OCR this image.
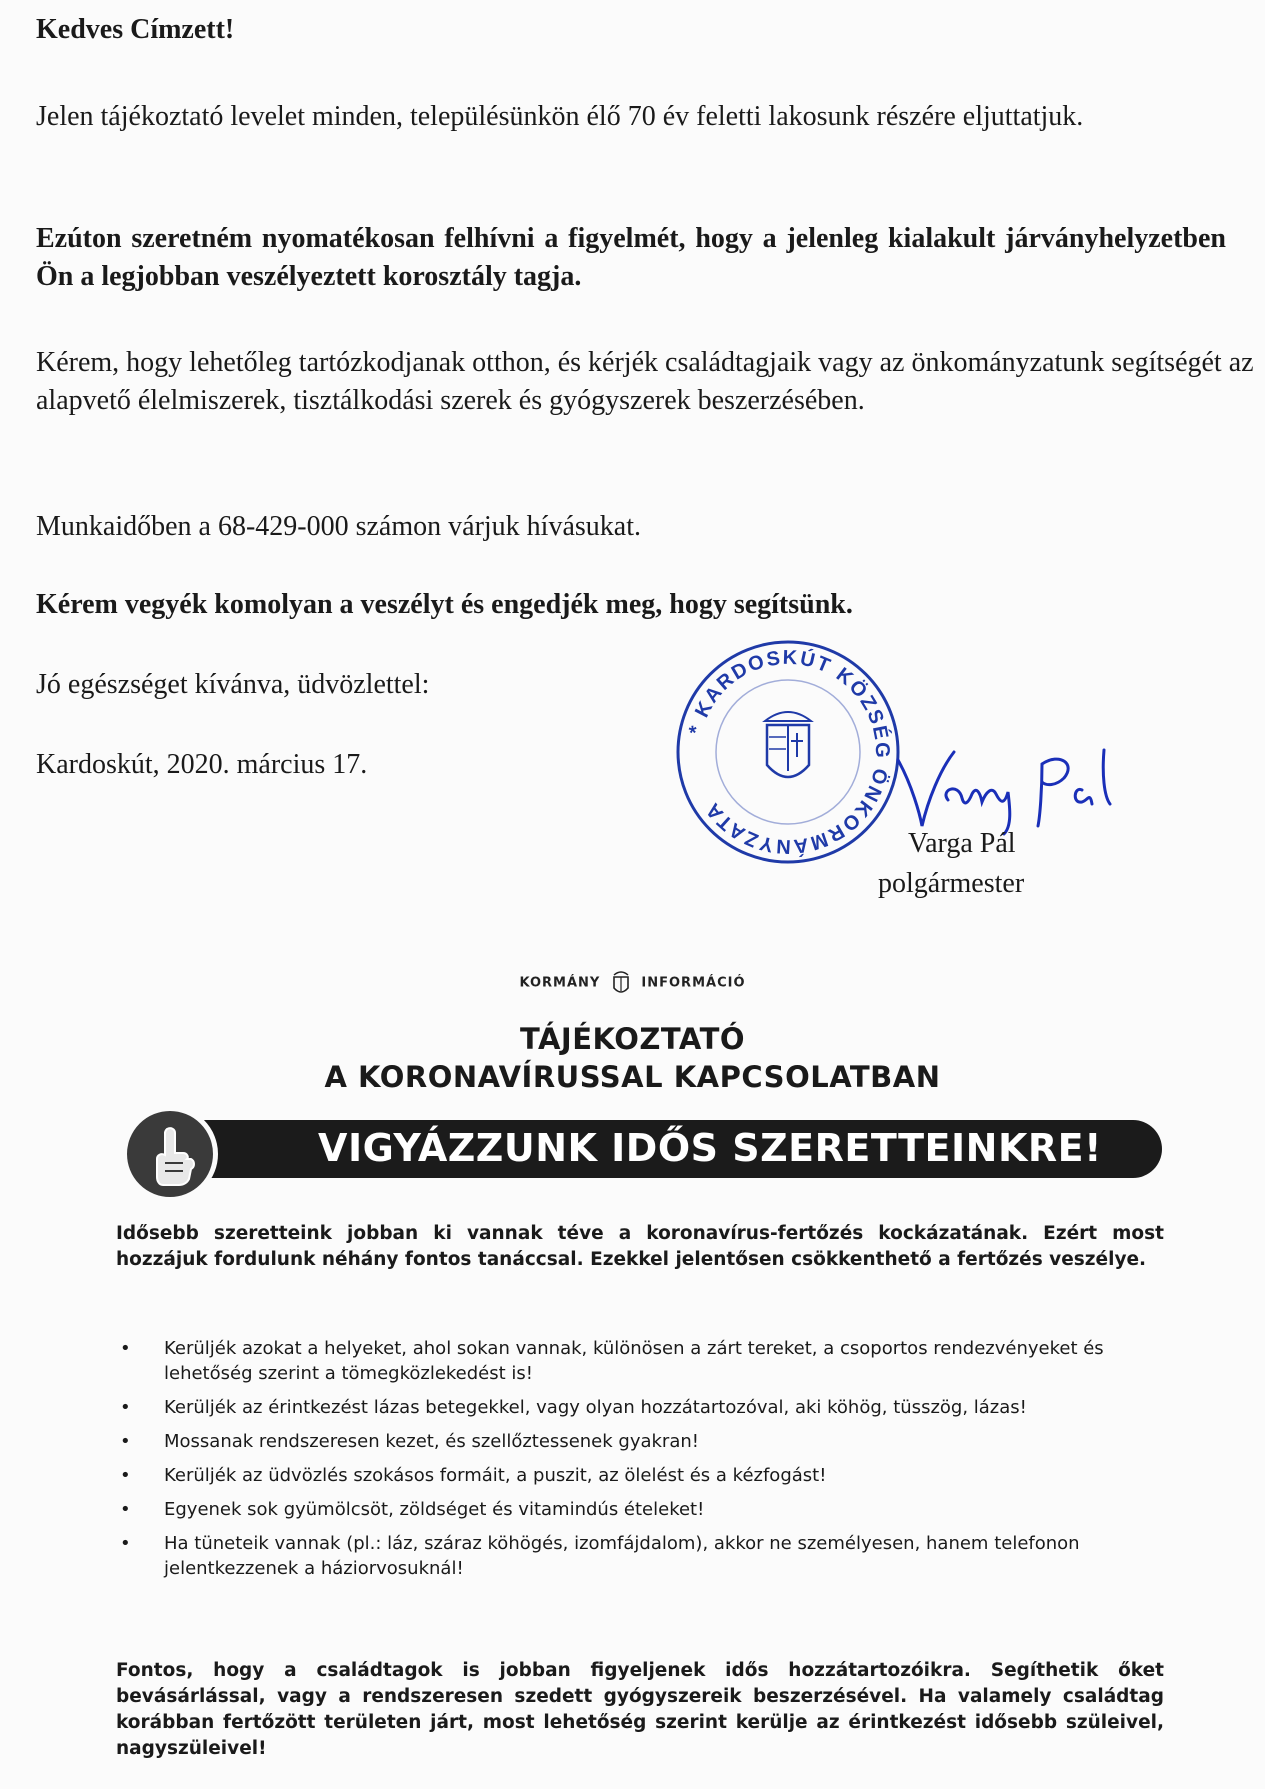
Kedves Címzett!

Jelen tájékoztató levelet minden, településünkön élő 70 év feletti lakosunk részére eljuttatjuk.

Ezúton szeretném nyomatékosan felhívni a figyelmét, hogy a jelenleg kialakult járványhelyzetben Ön a legjobban veszélyeztett korosztály tagja.

Kérem, hogy lehetőleg tartózkodjanak otthon, és kérjék családtagjaik vagy az önkományzatunk segítségét az alapvető élelmiszerek, tisztálkodási szerek és gyógyszerek beszerzésében.

Munkaidőben a 68-429-000 számon várjuk hívásukat.

Kérem vegyék komolyan a veszélyt és engedjék meg, hogy segítsünk.

Jó egészséget kívánva, üdvözlettel:

Kardoskút, 2020. március 17.

* KARDOSKÚT KÖZSÉG ÖNKORMÁNYZATA
Varga Pál
polgármester
KORMÁNY	INFORMÁCIÓ
TÁJÉKOZTATÓ
A KORONAVÍRUSSAL KAPCSOLATBAN
VIGYÁZZUNK IDŐS SZERETTEINKRE!
Idősebb szeretteink jobban ki vannak téve a koronavírus-fertőzés kockázatának. Ezért most hozzájuk fordulunk néhány fontos tanáccsal. Ezekkel jelentősen csökkenthető a fertőzés veszélye.
• Kerüljék azokat a helyeket, ahol sokan vannak, különösen a zárt tereket, a csoportos rendezvényeket és lehetőség szerint a tömegközlekedést is!
• Kerüljék az érintkezést lázas betegekkel, vagy olyan hozzátartozóval, aki köhög, tüsszög, lázas!
• Mossanak rendszeresen kezet, és szellőztessenek gyakran!
• Kerüljék az üdvözlés szokásos formáit, a puszit, az ölelést és a kézfogást!
• Egyenek sok gyümölcsöt, zöldséget és vitamindús ételeket!
• Ha tüneteik vannak (pl.: láz, száraz köhögés, izomfájdalom), akkor ne személyesen, hanem telefonon jelentkezzenek a háziorvosuknál!
Fontos, hogy a családtagok is jobban figyeljenek idős hozzátartozóikra. Segíthetik őket bevásárlással, vagy a rendszeresen szedett gyógyszereik beszerzésével. Ha valamely családtag korábban fertőzött területen járt, most lehetőség szerint kerülje az érintkezést idősebb szüleivel, nagyszüleivel!
